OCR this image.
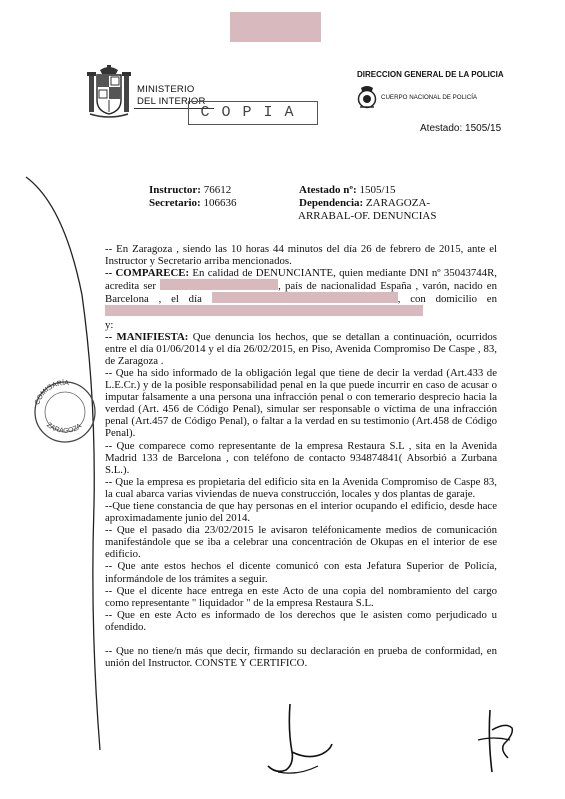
MINISTERIO
DEL INTERIOR
COPIA
DIRECCION GENERAL DE LA POLICIA
CUERPO NACIONAL DE POLICÍA
Atestado: 1505/15
Instructor: 76612
Secretario: 106636
Atestado nº: 1505/15
Dependencia: ZARAGOZA-
ARRABAL-OF. DENUNCIAS
COMISARÍA
ZARAGOZA

-- En Zaragoza , siendo las 10 horas 44 minutos del día 26 de febrero de 2015, ante el Instructor y Secretario arriba mencionados.

-- COMPARECE: En calidad de DENUNCIANTE, quien mediante DNI nº 35043744R, acredita ser	, país de nacionalidad España , varón, nacido en Barcelona , el día	, con domicilio en
y:

-- MANIFIESTA: Que denuncia los hechos, que se detallan a continuación, ocurridos entre el día 01/06/2014 y el día 26/02/2015, en Piso, Avenida Compromiso De Caspe , 83, de Zaragoza .

-- Que ha sido informado de la obligación legal que tiene de decir la verdad (Art.433 de L.E.Cr.) y de la posible responsabilidad penal en la que puede incurrir en caso de acusar o imputar falsamente a una persona una infracción penal o con temerario desprecio hacia la verdad (Art. 456 de Código Penal), simular ser responsable o víctima de una infracción penal (Art.457 de Código Penal), o faltar a la verdad en su testimonio (Art.458 de Código Penal).

-- Que comparece como representante de la empresa Restaura S.L , sita en la Avenida Madrid 133 de Barcelona , con teléfono de contacto 934874841( Absorbió a Zurbana S.L.).

-- Que la empresa es propietaria del edificio sita en la Avenida Compromiso de Caspe 83, la cual abarca varias viviendas de nueva construcción, locales y dos plantas de garaje.

--Que tiene constancia de que hay personas en el interior ocupando el edificio, desde hace aproximadamente junio del 2014.

-- Que el pasado dia 23/02/2015 le avisaron teléfonicamente medios de comunicación manifestándole que se iba a celebrar una concentración de Okupas en el interior de ese edificio.

-- Que ante estos hechos el dicente comunicó con esta Jefatura Superior de Policía, informándole de los trámites a seguir.

-- Que el dicente hace entrega en este Acto de una copia del nombramiento del cargo como representante " liquidador " de la empresa Restaura S.L.

-- Que en este Acto es informado de los derechos que le asisten como perjudicado u ofendido.

-- Que no tiene/n más que decir, firmando su declaración en prueba de conformidad, en unión del Instructor. CONSTE Y CERTIFICO.
